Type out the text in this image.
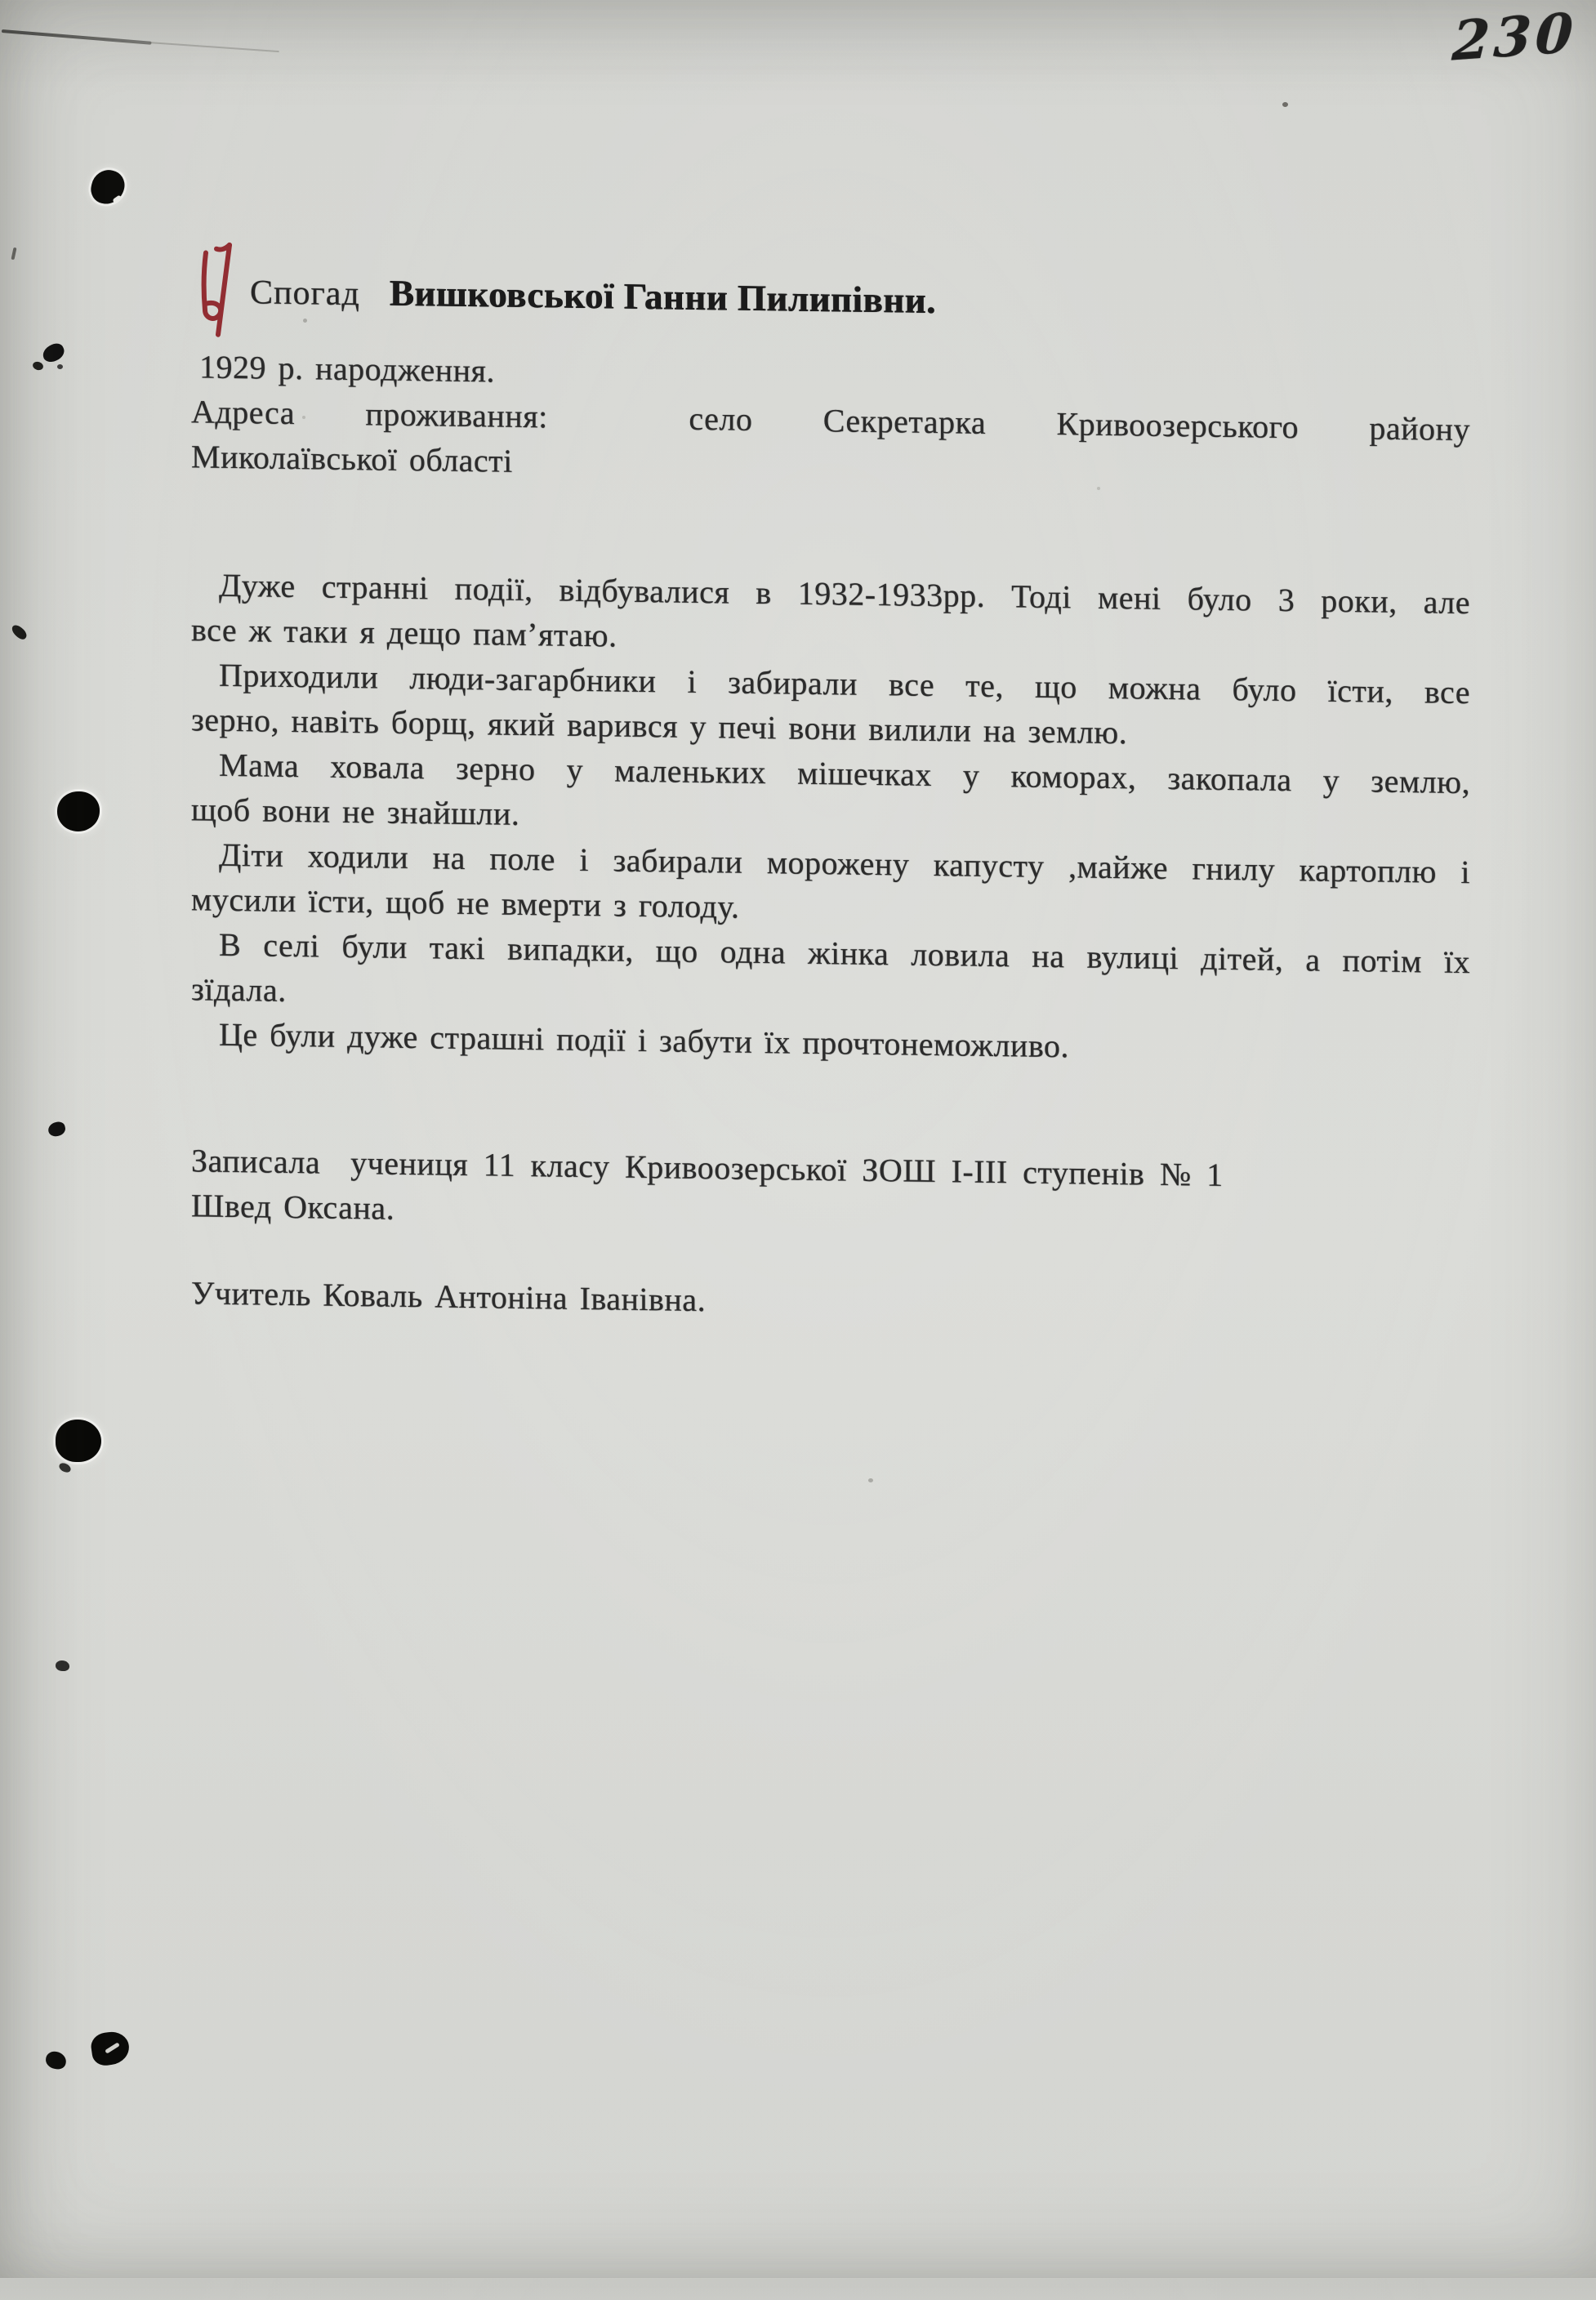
230
Спогад Вишковської Ганни Пилипівни.
1929 р. народження.
Адреса проживання:	село Секретарка Кривоозерського району
Миколаївської області
Дуже странні події, відбувалися в 1932-1933рр. Тоді мені було 3 роки, але
все ж таки я дещо пам’ятаю.
Приходили люди-загарбники і забирали все те, що можна було їсти, все
зерно, навіть борщ, який варився у печі вони вилили на землю.
Мама ховала зерно у маленьких мішечках у коморах, закопала у землю,
щоб вони не знайшли.
Діти ходили на поле і забирали морожену капусту ,майже гнилу картоплю і
мусили їсти, щоб не вмерти з голоду.
В селі були такі випадки, що одна жінка ловила на вулиці дітей, а потім їх
зїдала.
Це були дуже страшні події і забути їх прочтонеможливо.
Записала  учениця 11 класу Кривоозерської ЗОШ І-ІІІ ступенів № 1
Швед Оксана.
Учитель Коваль Антоніна Іванівна.
